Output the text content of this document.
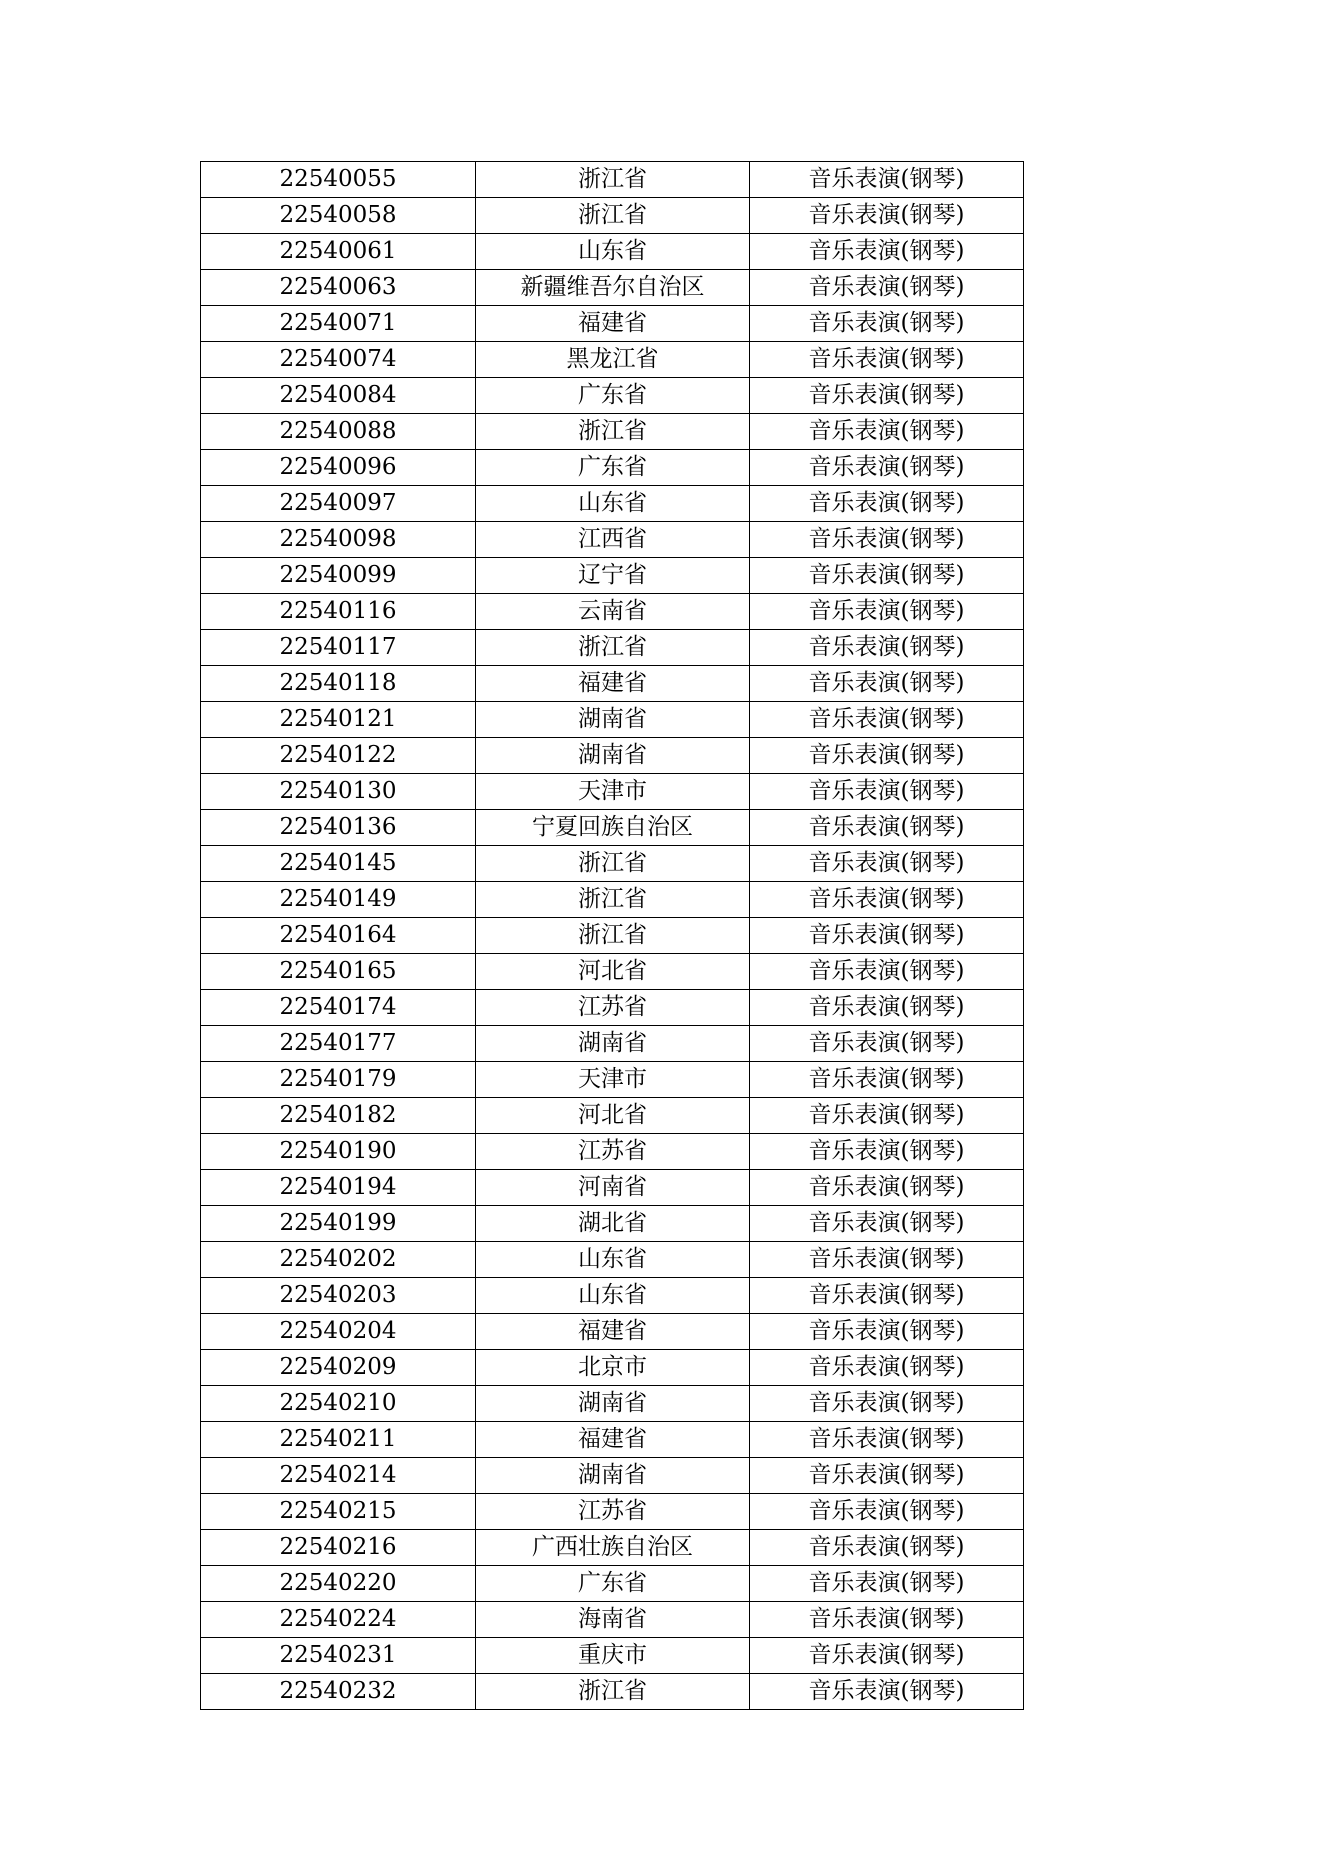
22540055	浙江省	音乐表演(钢琴)
22540058	浙江省	音乐表演(钢琴)
22540061	山东省	音乐表演(钢琴)
22540063	新疆维吾尔自治区	音乐表演(钢琴)
22540071	福建省	音乐表演(钢琴)
22540074	黑龙江省	音乐表演(钢琴)
22540084	广东省	音乐表演(钢琴)
22540088	浙江省	音乐表演(钢琴)
22540096	广东省	音乐表演(钢琴)
22540097	山东省	音乐表演(钢琴)
22540098	江西省	音乐表演(钢琴)
22540099	辽宁省	音乐表演(钢琴)
22540116	云南省	音乐表演(钢琴)
22540117	浙江省	音乐表演(钢琴)
22540118	福建省	音乐表演(钢琴)
22540121	湖南省	音乐表演(钢琴)
22540122	湖南省	音乐表演(钢琴)
22540130	天津市	音乐表演(钢琴)
22540136	宁夏回族自治区	音乐表演(钢琴)
22540145	浙江省	音乐表演(钢琴)
22540149	浙江省	音乐表演(钢琴)
22540164	浙江省	音乐表演(钢琴)
22540165	河北省	音乐表演(钢琴)
22540174	江苏省	音乐表演(钢琴)
22540177	湖南省	音乐表演(钢琴)
22540179	天津市	音乐表演(钢琴)
22540182	河北省	音乐表演(钢琴)
22540190	江苏省	音乐表演(钢琴)
22540194	河南省	音乐表演(钢琴)
22540199	湖北省	音乐表演(钢琴)
22540202	山东省	音乐表演(钢琴)
22540203	山东省	音乐表演(钢琴)
22540204	福建省	音乐表演(钢琴)
22540209	北京市	音乐表演(钢琴)
22540210	湖南省	音乐表演(钢琴)
22540211	福建省	音乐表演(钢琴)
22540214	湖南省	音乐表演(钢琴)
22540215	江苏省	音乐表演(钢琴)
22540216	广西壮族自治区	音乐表演(钢琴)
22540220	广东省	音乐表演(钢琴)
22540224	海南省	音乐表演(钢琴)
22540231	重庆市	音乐表演(钢琴)
22540232	浙江省	音乐表演(钢琴)
